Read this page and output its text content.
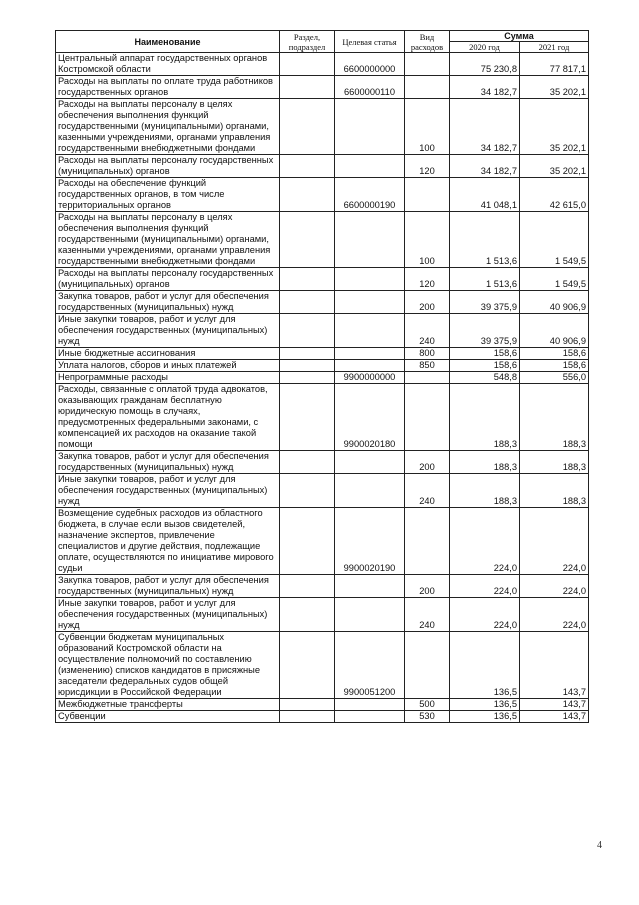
Наименование	Раздел, подраздел	Целевая статья	Вид расходов	Сумма	
				2020 год	2021 год
Центральный аппарат государственных органов Костромской области		6600000000		75 230,8	77 817,1
Расходы на выплаты по оплате труда работников государственных органов		6600000110		34 182,7	35 202,1
Расходы на выплаты персоналу в целях обеспечения выполнения функций государственными (муниципальными) органами, казенными учреждениями, органами управления государственными внебюджетными фондами			100	34 182,7	35 202,1
Расходы на выплаты персоналу государственных (муниципальных) органов			120	34 182,7	35 202,1
Расходы на обеспечение функций государственных органов, в том числе территориальных органов		6600000190		41 048,1	42 615,0
Расходы на выплаты персоналу в целях обеспечения выполнения функций государственными (муниципальными) органами, казенными учреждениями, органами управления государственными внебюджетными фондами			100	1 513,6	1 549,5
Расходы на выплаты персоналу государственных (муниципальных) органов			120	1 513,6	1 549,5
Закупка товаров, работ и услуг для обеспечения государственных (муниципальных) нужд			200	39 375,9	40 906,9
Иные закупки товаров, работ и услуг для обеспечения государственных (муниципальных) нужд			240	39 375,9	40 906,9
Иные бюджетные ассигнования			800	158,6	158,6
Уплата налогов, сборов и иных платежей			850	158,6	158,6
Непрограммные расходы		9900000000		548,8	556,0
Расходы, связанные с оплатой труда адвокатов, оказывающих гражданам бесплатную юридическую помощь в случаях, предусмотренных федеральными законами, с компенсацией их расходов на оказание такой помощи		9900020180		188,3	188,3
Закупка товаров, работ и услуг для обеспечения государственных (муниципальных) нужд			200	188,3	188,3
Иные закупки товаров, работ и услуг для обеспечения государственных (муниципальных) нужд			240	188,3	188,3
Возмещение судебных расходов из областного бюджета, в случае если вызов свидетелей, назначение экспертов, привлечение специалистов и другие действия, подлежащие оплате, осуществляются по инициативе мирового судьи		9900020190		224,0	224,0
Закупка товаров, работ и услуг для обеспечения государственных (муниципальных) нужд			200	224,0	224,0
Иные закупки товаров, работ и услуг для обеспечения государственных (муниципальных) нужд			240	224,0	224,0
Субвенции бюджетам муниципальных образований Костромской области на осуществление полномочий по составлению (изменению) списков кандидатов в присяжные заседатели федеральных судов общей юрисдикции в Российской Федерации		9900051200		136,5	143,7
Межбюджетные трансферты			500	136,5	143,7
Субвенции			530	136,5	143,7
4
